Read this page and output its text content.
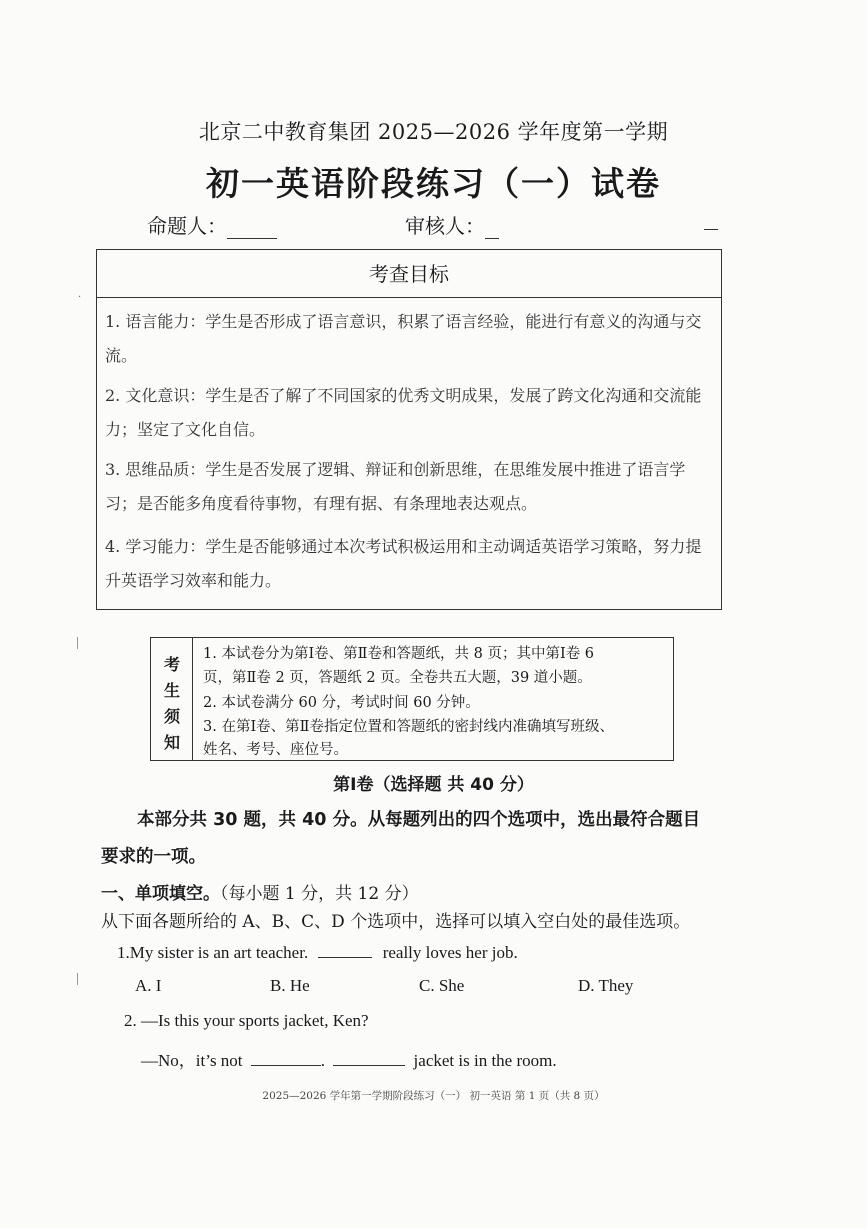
北京二中教育集团 2025—2026 学年度第一学期
初一英语阶段练习（一）试卷
命题人：	审核人：
考查目标
1. 语言能力：学生是否形成了语言意识，积累了语言经验，能进行有意义的沟通与交流。
2. 文化意识：学生是否了解了不同国家的优秀文明成果，发展了跨文化沟通和交流能力；坚定了文化自信。
3. 思维品质：学生是否发展了逻辑、辩证和创新思维，在思维发展中推进了语言学习；是否能多角度看待事物，有理有据、有条理地表达观点。
4. 学习能力：学生是否能够通过本次考试积极运用和主动调适英语学习策略，努力提升英语学习效率和能力。
考
生
须
知
1. 本试卷分为第Ⅰ卷、第Ⅱ卷和答题纸，共 8 页；其中第Ⅰ卷 6
页，第Ⅱ卷 2 页，答题纸 2 页。全卷共五大题，39 道小题。
2. 本试卷满分 60 分，考试时间 60 分钟。
3. 在第Ⅰ卷、第Ⅱ卷指定位置和答题纸的密封线内准确填写班级、
姓名、考号、座位号。
第Ⅰ卷（选择题 共 40 分）
本部分共 30 题，共 40 分。从每题列出的四个选项中，选出最符合题目
要求的一项。
一、单项填空。（每小题 1 分，共 12 分）
从下面各题所给的 A、B、C、D 个选项中，选择可以填入空白处的最佳选项。
1.My sister is an art teacher.	really loves her job.
A. I	B. He	C. She	D. They
2. —Is this your sports jacket, Ken?
—No，it’s not	.	jacket is in the room.
2025—2026 学年第一学期阶段练习（一） 初一英语 第 1 页（共 8 页）
·
